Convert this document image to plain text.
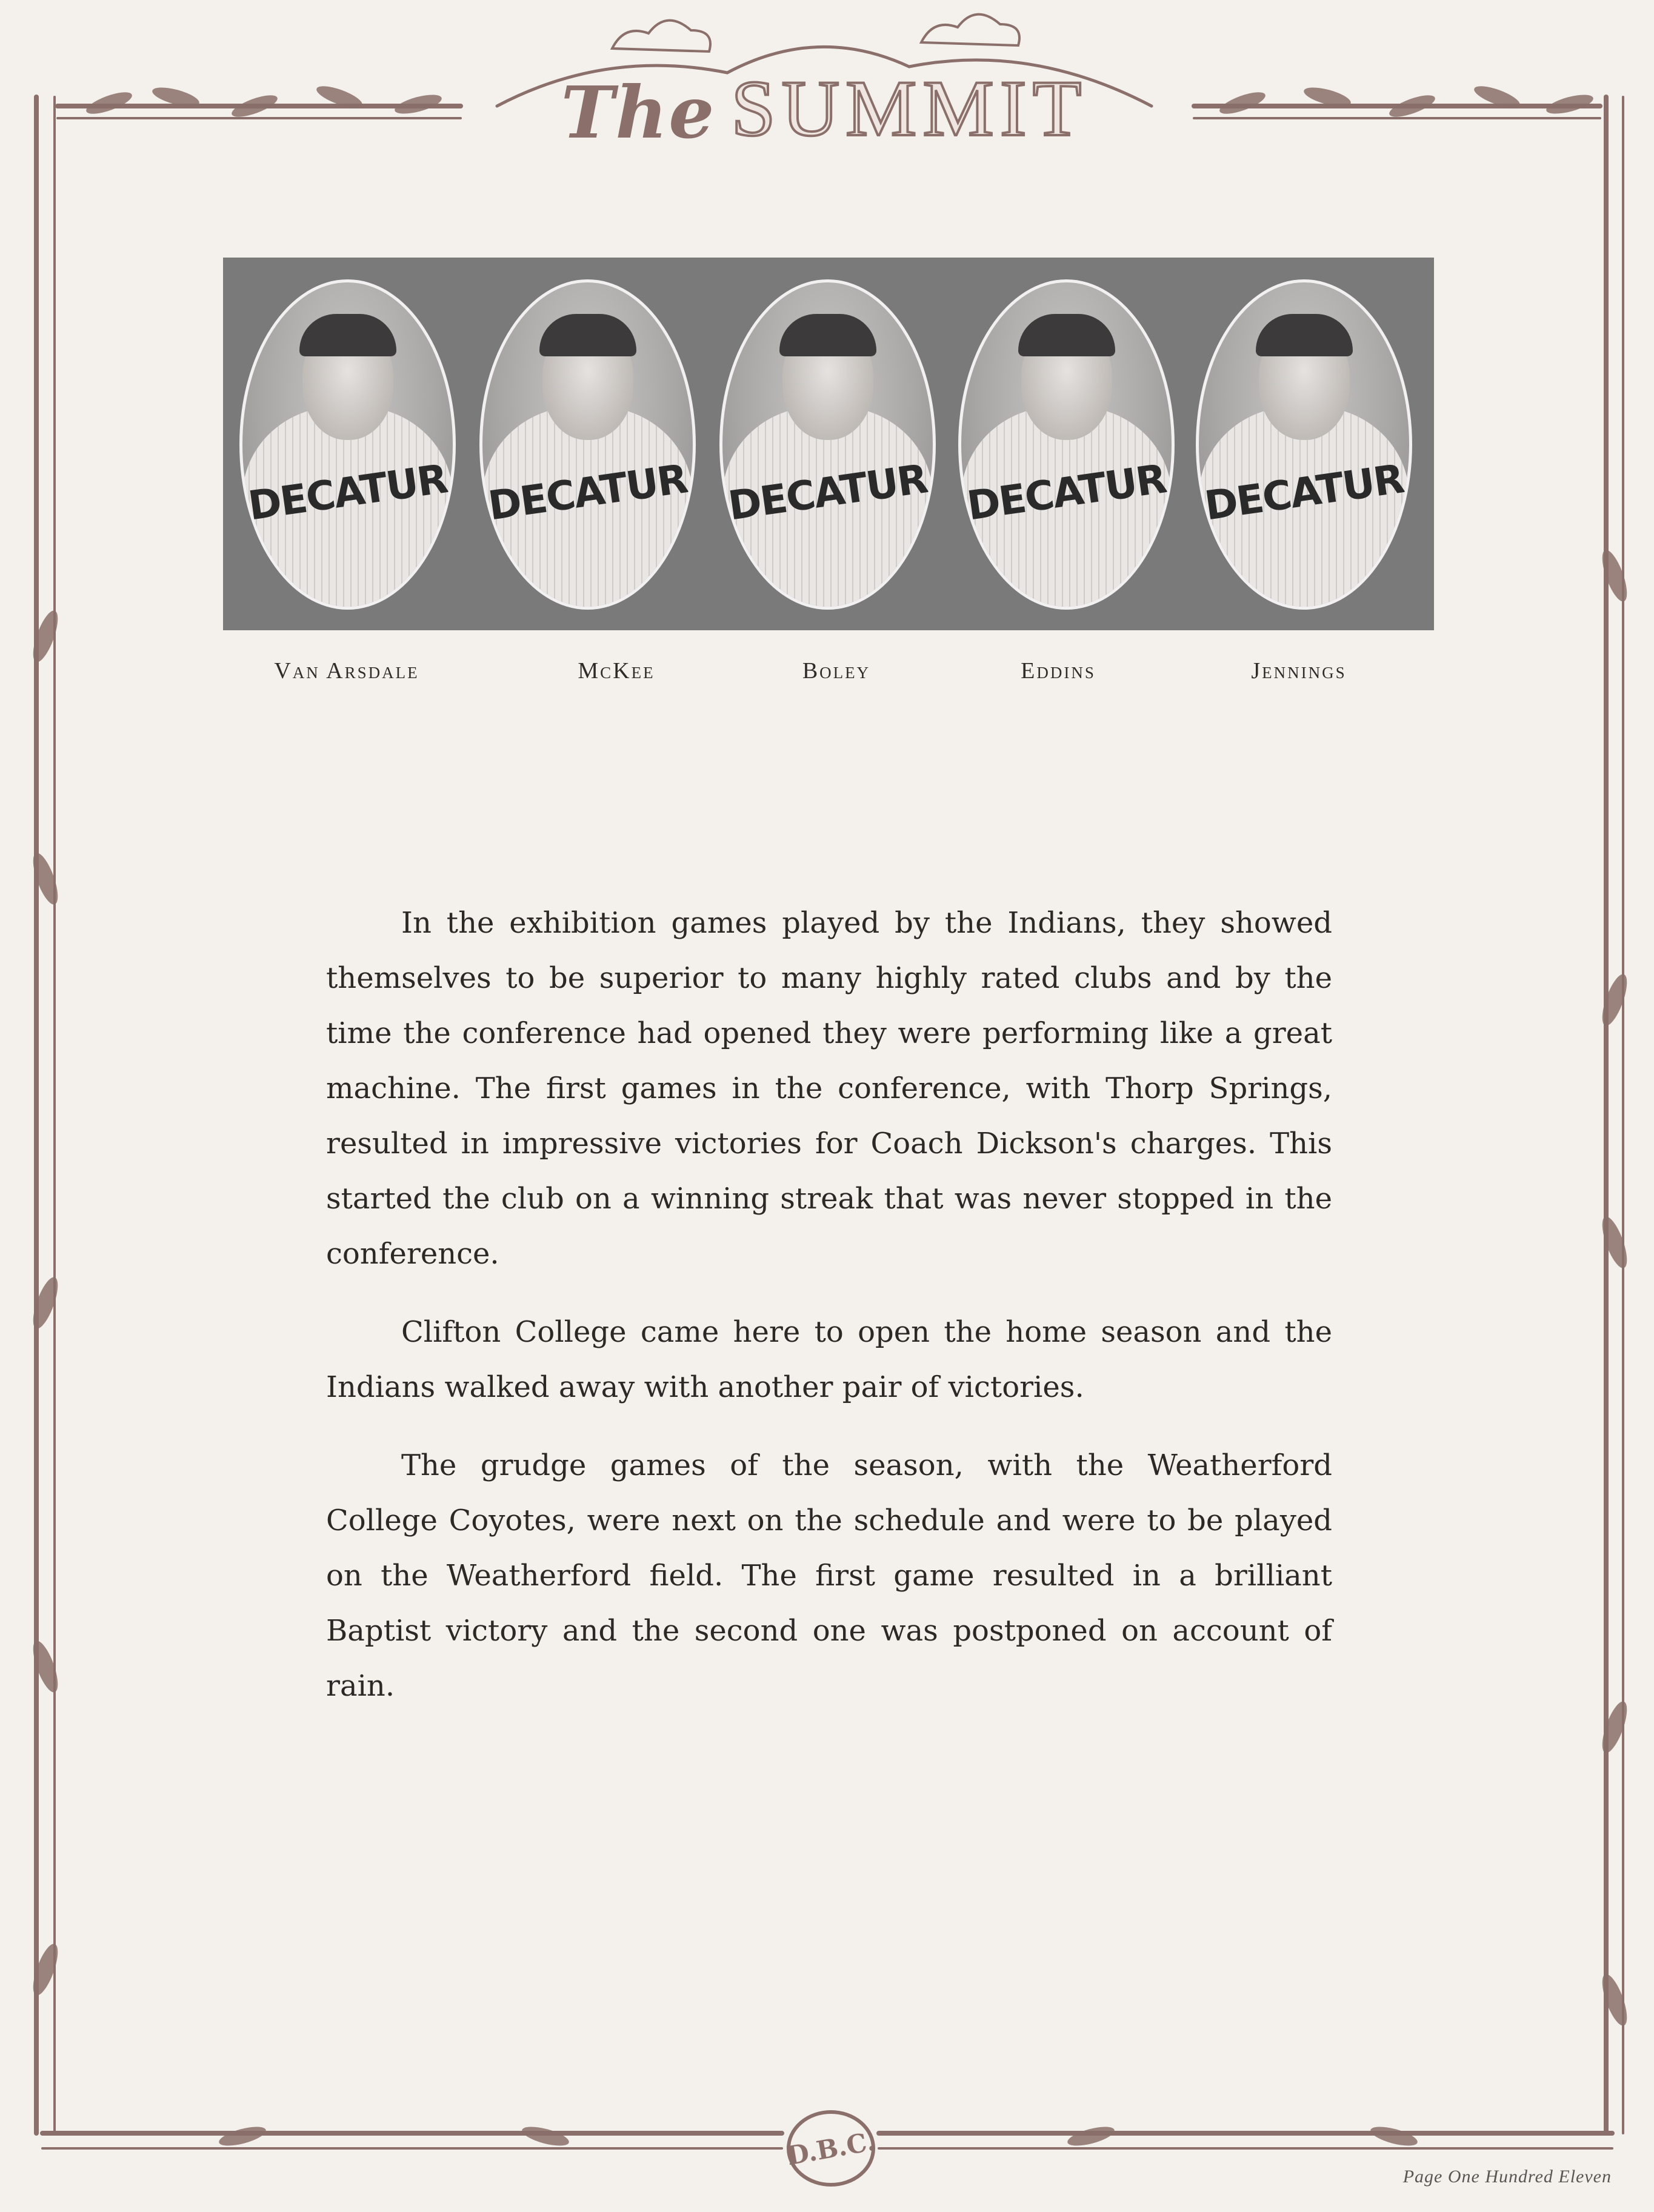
The SUMMIT
DECATUR DECATUR DECATUR DECATUR DECATUR
Van Arsdale	McKee	Boley	Eddins	Jennings

In the exhibition games played by the Indians, they showed themselves to be superior to many highly rated clubs and by the time the conference had opened they were performing like a great machine. The first games in the conference, with Thorp Springs, resulted in impressive victories for Coach Dickson's charges. This started the club on a winning streak that was never stopped in the conference.

Clifton College came here to open the home season and the Indians walked away with another pair of victories.

The grudge games of the season, with the Weatherford College Coyotes, were next on the schedule and were to be played on the Weatherford field. The first game resulted in a brilliant Baptist victory and the second one was postponed on account of rain.

D.B.C.
Page One Hundred Eleven
